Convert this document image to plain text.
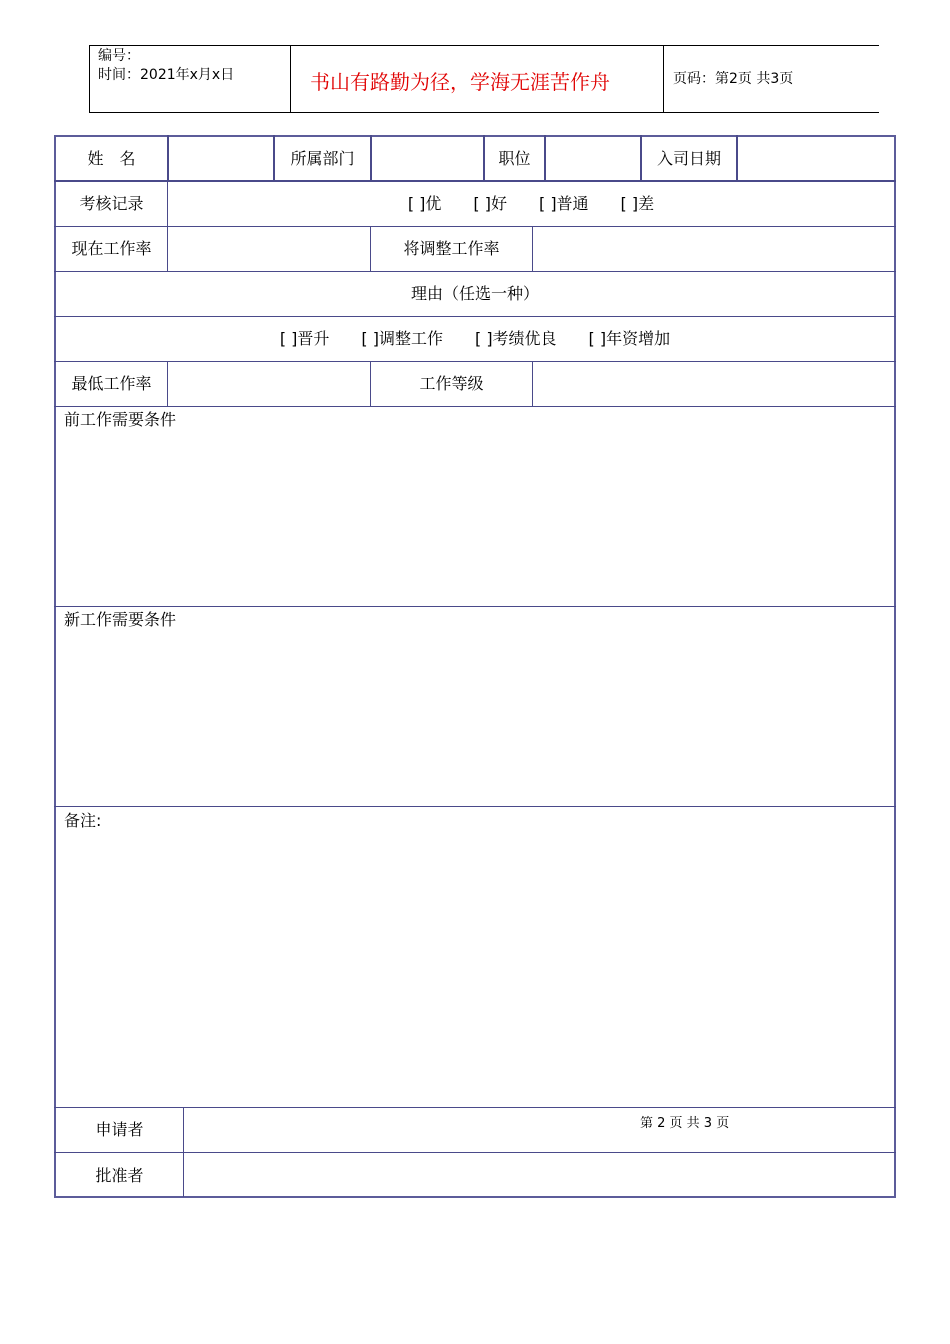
编号：
时间：2021年x月x日	书山有路勤为径，学海无涯苦作舟	页码：第2页 共3页
姓　名	所属部门	职位	入司日期
考核记录	[ ]优　　[ ]好　　[ ]普通　　[ ]差
现在工作率	将调整工作率
理由（任选一种）
[ ]晋升　　[ ]调整工作　　[ ]考绩优良　　[ ]年资增加
最低工作率	工作等级
前工作需要条件
新工作需要条件
备注:
申请者	第 2 页 共 3 页
批准者
